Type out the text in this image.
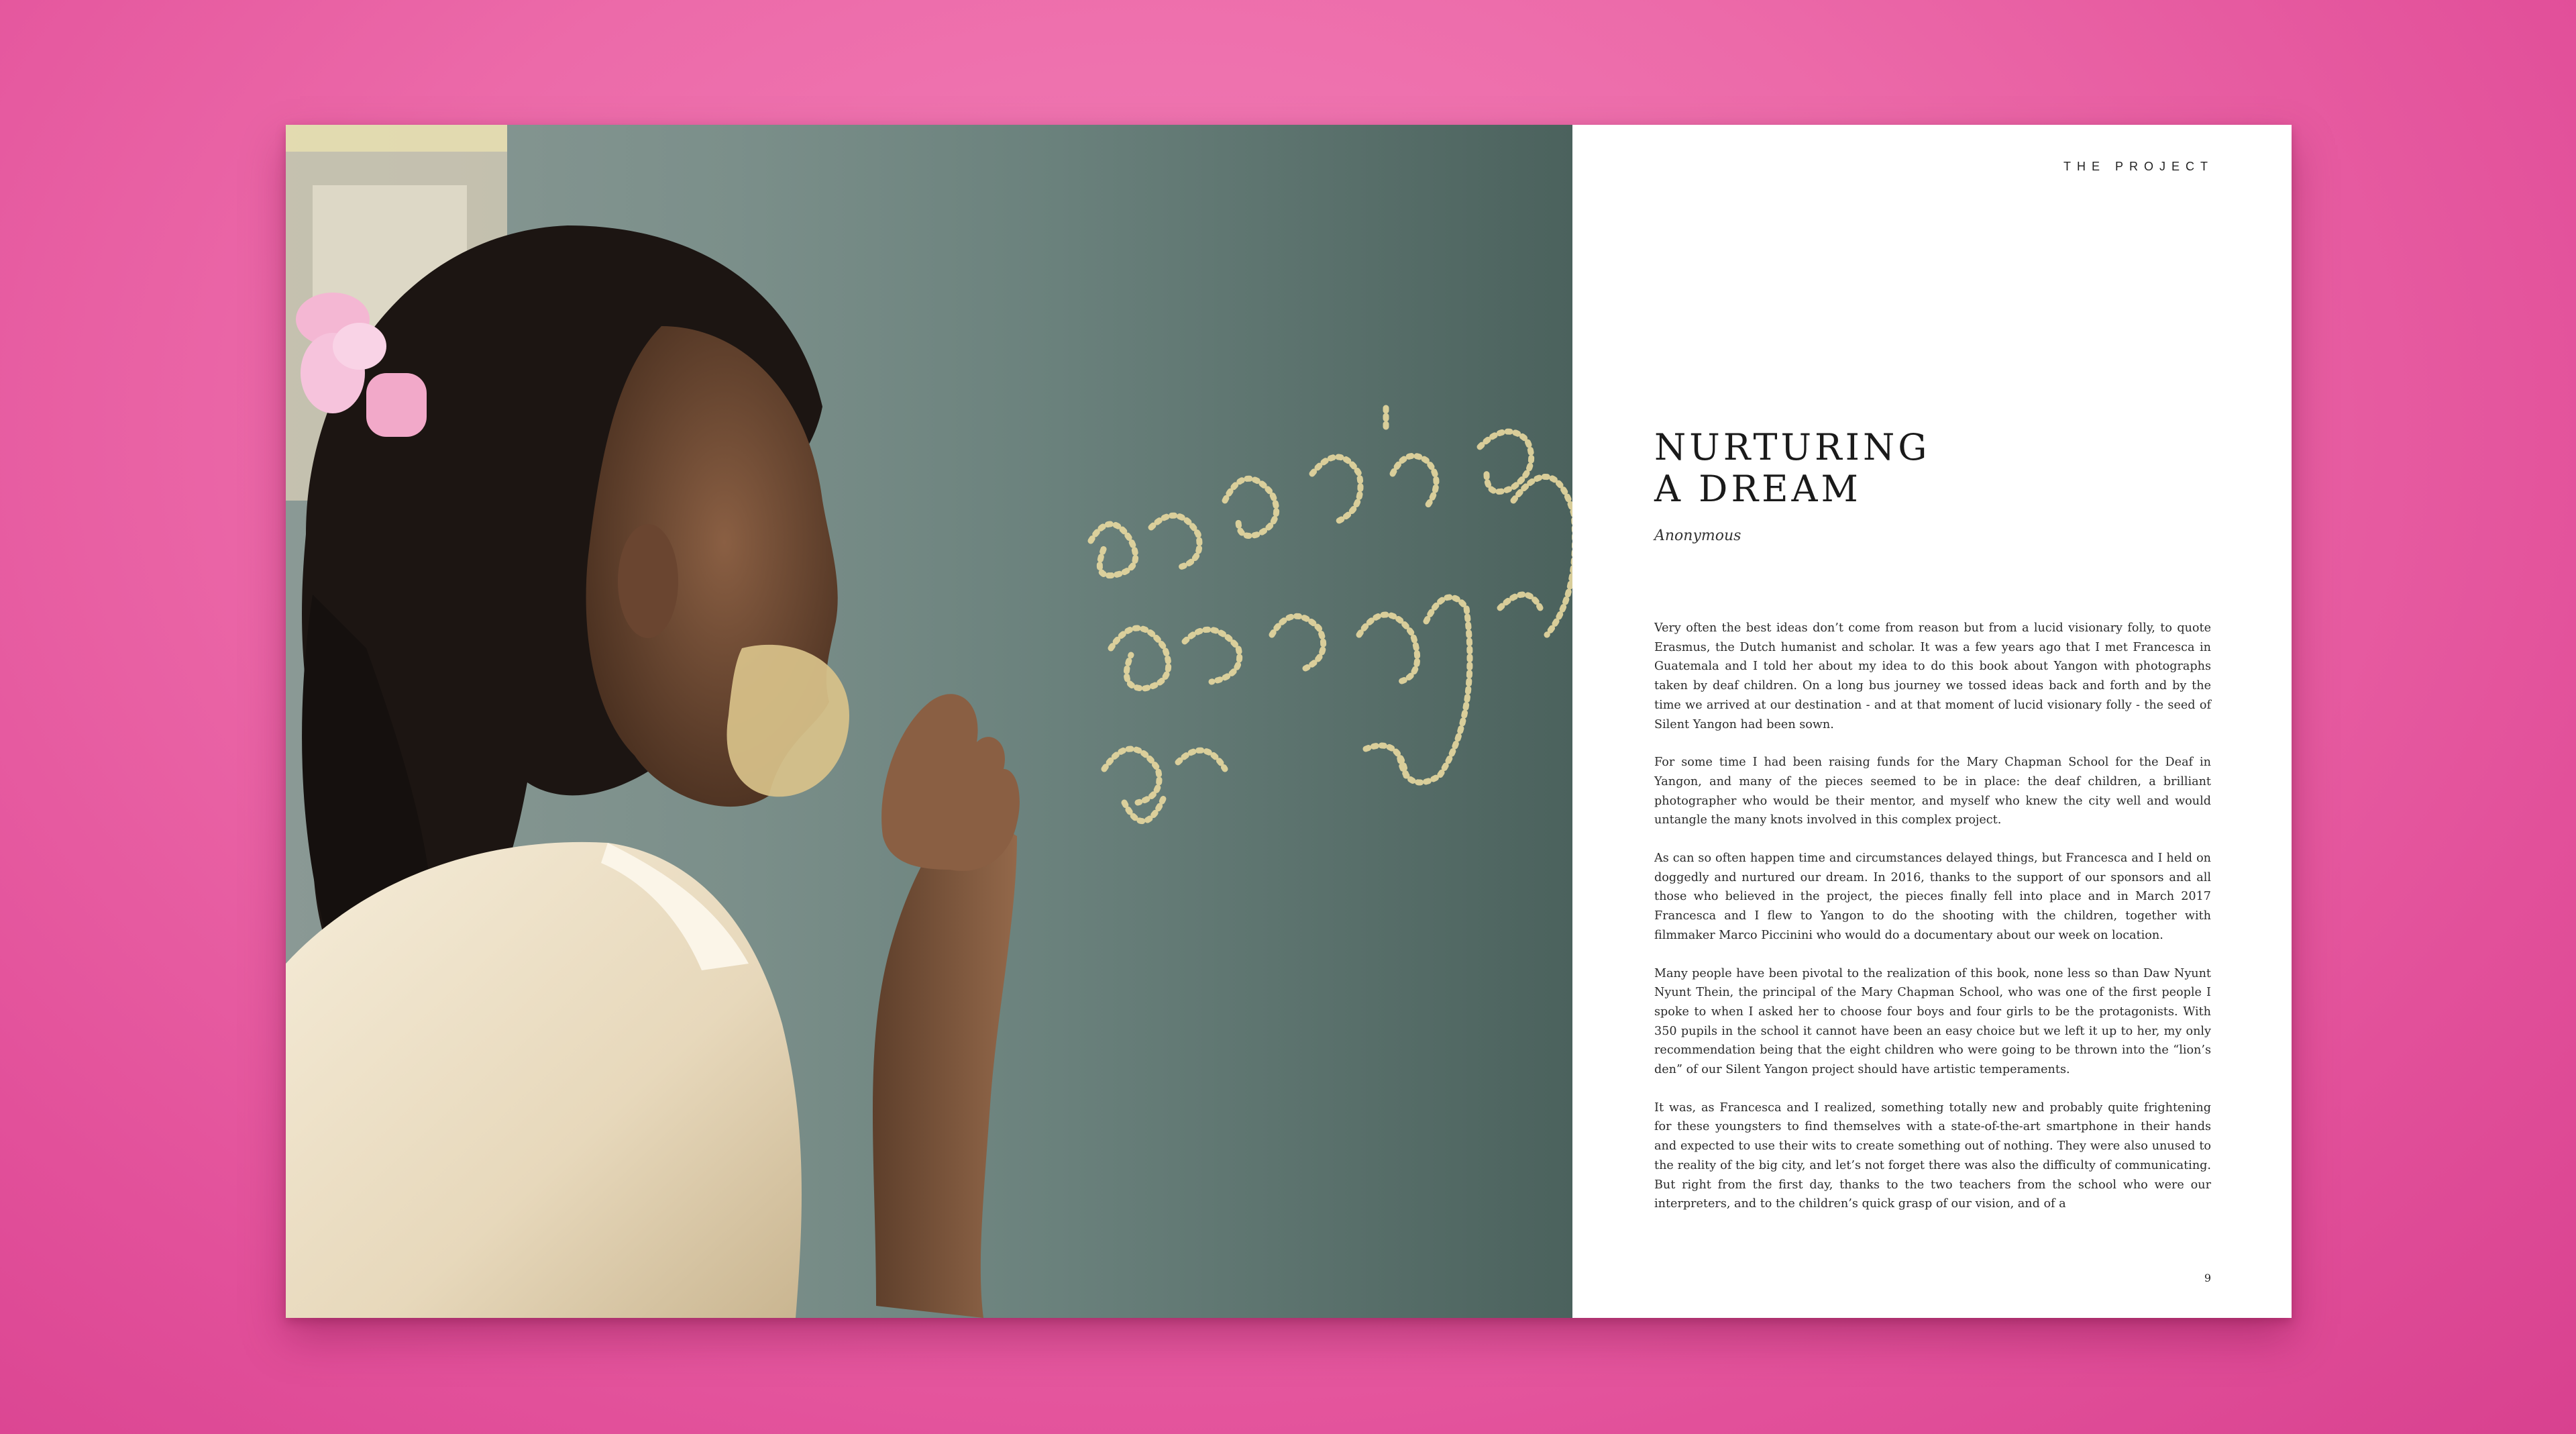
THE PROJECT
NURTURING
A DREAM
Anonymous

Very often the best ideas don’t come from reason but from a lucid visionary folly, to quote Erasmus, the Dutch humanist and scholar. It was a few years ago that I met Francesca in Guatemala and I told her about my idea to do this book about Yangon with photographs taken by deaf children. On a long bus journey we tossed ideas back and forth and by the time we arrived at our destination - and at that moment of lucid visionary folly - the seed of Silent Yangon had been sown.

For some time I had been raising funds for the Mary Chapman School for the Deaf in Yangon, and many of the pieces seemed to be in place: the deaf children, a brilliant photographer who would be their mentor, and myself who knew the city well and would untangle the many knots involved in this complex project.

As can so often happen time and circumstances delayed things, but Francesca and I held on doggedly and nurtured our dream. In 2016, thanks to the support of our sponsors and all those who believed in the project, the pieces finally fell into place and in March 2017 Francesca and I flew to Yangon to do the shooting with the children, together with filmmaker Marco Piccinini who would do a documentary about our week on location.

Many people have been pivotal to the realization of this book, none less so than Daw Nyunt Nyunt Thein, the principal of the Mary Chapman School, who was one of the first people I spoke to when I asked her to choose four boys and four girls to be the protagonists. With 350 pupils in the school it cannot have been an easy choice but we left it up to her, my only recommendation being that the eight children who were going to be thrown into the “lion’s den” of our Silent Yangon project should have artistic temperaments.

It was, as Francesca and I realized, something totally new and probably quite frightening for these youngsters to find themselves with a state-of-the-art smartphone in their hands and expected to use their wits to create something out of nothing. They were also unused to the reality of the big city, and let’s not forget there was also the difficulty of communicating. But right from the first day, thanks to the two teachers from the school who were our interpreters, and to the children’s quick grasp of our vision, and of a

9
